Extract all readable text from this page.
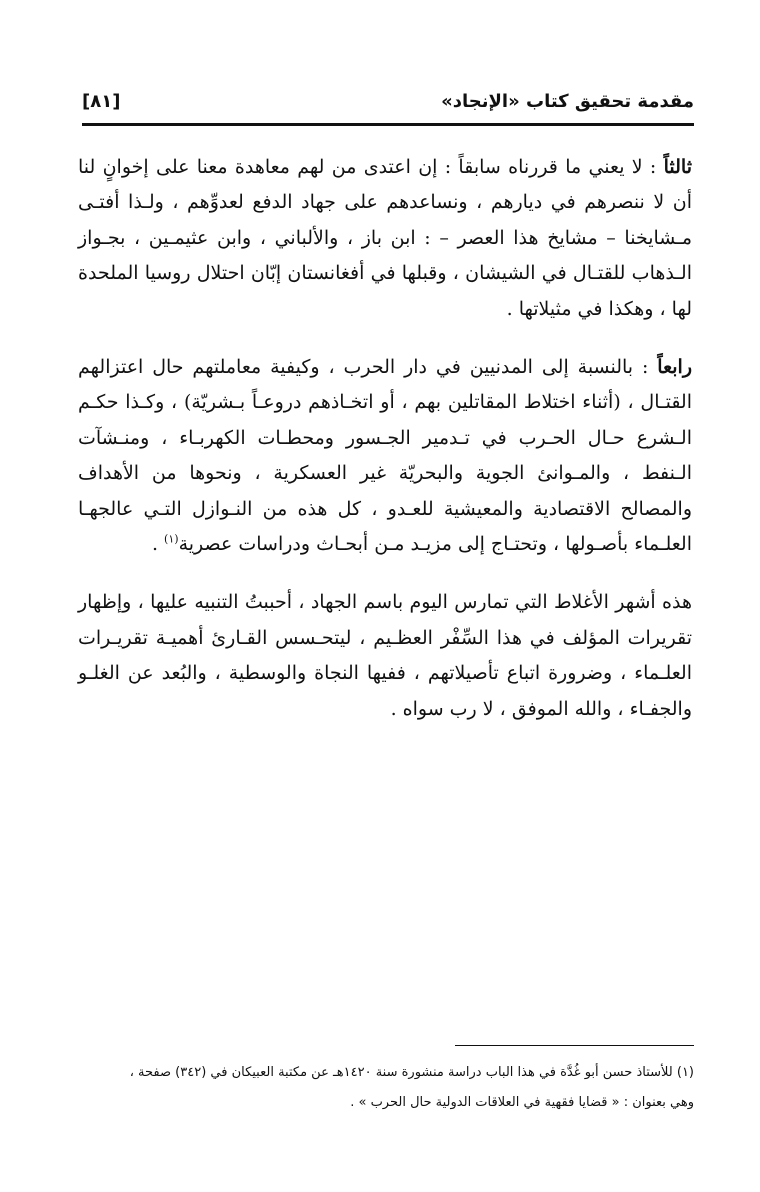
مقدمة تحقيق كتاب «الإنجاد»
[٨١]

ثالثاً : لا يعني ما قررناه سابقاً : إن اعتدى من لهم معاهدة معنا على إخوانٍ لنا أن لا ننصرهم في ديارهم ، ونساعدهم على جهاد الدفع لعدوِّهم ، ولـذا أفتـى مـشايخنا – مشايخ هذا العصر – : ابن باز ، والألباني ، وابن عثيمـين ، بجـواز الـذهاب للقتـال في الشيشان ، وقبلها في أفغانستان إبّان احتلال روسيا الملحدة لها ، وهكذا في مثيلاتها .

رابعاً : بالنسبة إلى المدنيين في دار الحرب ، وكيفية معاملتهم حال اعتزالهم القتـال ، (أثناء اختلاط المقاتلين بهم ، أو اتخـاذهم دروعـاً بـشريّة) ، وكـذا حكـم الـشرع حـال الحـرب في تـدمير الجـسور ومحطـات الكهربـاء ، ومنـشآت الـنفط ، والمـوانئ الجوية والبحريّة غير العسكرية ، ونحوها من الأهداف والمصالح الاقتصادية والمعيشية للعـدو ، كل هذه من النـوازل التـي عالجهـا العلـماء بأصـولها ، وتحتـاج إلى مزيـد مـن أبحـاث ودراسات عصرية$^{(١)}$ .

هذه أشهر الأغلاط التي تمارس اليوم باسم الجهاد ، أحببتُ التنبيه عليها ، وإظهار تقريرات المؤلف في هذا السِّفْر العظـيم ، ليتحـسس القـارئ أهميـة تقريـرات العلـماء ، وضرورة اتباع تأصيلاتهم ، ففيها النجاة والوسطية ، والبُعد عن الغلـو والجفـاء ، والله الموفق ، لا رب سواه .

(١) للأستاذ حسن أبو غُدَّة في هذا الباب دراسة منشورة سنة ١٤٢٠هـ عن مكتبة العبيكان في (٣٤٢) صفحة ،

وهي بعنوان : « قضايا فقهية في العلاقات الدولية حال الحرب » .
